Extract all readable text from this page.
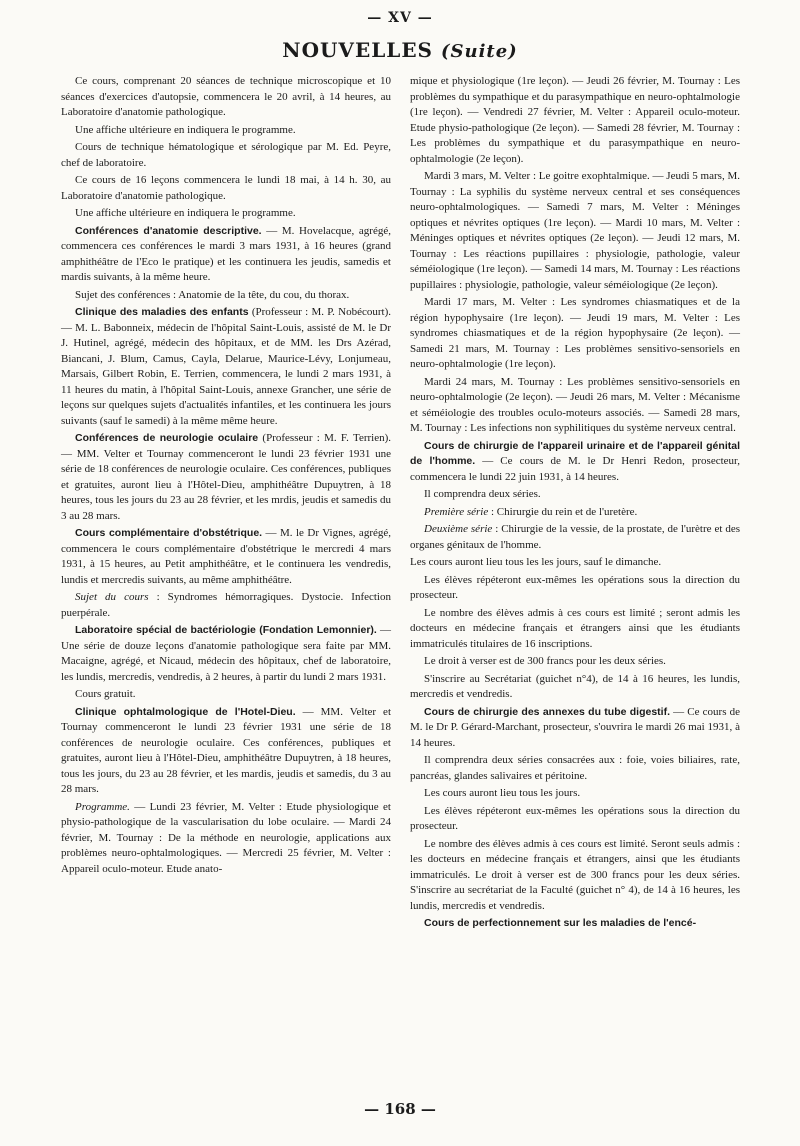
— XV —
NOUVELLES (Suite)

Ce cours, comprenant 20 séances de technique microscopique et 10 séances d'exercices d'autopsie, commencera le 20 avril, à 14 heures, au Laboratoire d'anatomie pathologique.

Une affiche ultérieure en indiquera le programme.

Cours de technique hématologique et sérologique par M. Ed. Peyre, chef de laboratoire.

Ce cours de 16 leçons commencera le lundi 18 mai, à 14 h. 30, au Laboratoire d'anatomie pathologique.

Une affiche ultérieure en indiquera le programme.

Conférences d'anatomie descriptive. — M. Hovelacque, agrégé, commencera ces conférences le mardi 3 mars 1931, à 16 heures (grand amphithéâtre de l'Eco le pratique) et les continuera les jeudis, samedis et mardis suivants, à la même heure.

Sujet des conférences : Anatomie de la tête, du cou, du thorax.

Clinique des maladies des enfants (Professeur : M. P. Nobécourt). — M. L. Babonneix, médecin de l'hôpital Saint-Louis, assisté de M. le Dr J. Hutinel, agrégé, médecin des hôpitaux, et de MM. les Drs Azérad, Biancani, J. Blum, Camus, Cayla, Delarue, Maurice-Lévy, Lonjumeau, Marsais, Gilbert Robin, E. Terrien, commencera, le lundi 2 mars 1931, à 11 heures du matin, à l'hôpital Saint-Louis, annexe Grancher, une série de leçons sur quelques sujets d'actualités infantiles, et les continuera les jours suivants (sauf le samedi) à la même même heure.

Conférences de neurologie oculaire (Professeur : M. F. Terrien). — MM. Velter et Tournay commenceront le lundi 23 février 1931 une série de 18 conférences de neurologie oculaire. Ces conférences, publiques et gratuites, auront lieu à l'Hôtel-Dieu, amphithéâtre Dupuytren, à 18 heures, tous les jours du 23 au 28 février, et les mrdis, jeudis et samedis du 3 au 28 mars.

Cours complémentaire d'obstétrique. — M. le Dr Vignes, agrégé, commencera le cours complémentaire d'obstétrique le mercredi 4 mars 1931, à 15 heures, au Petit amphithéâtre, et le continuera les vendredis, lundis et mercredis suivants, au même amphithéâtre.

Sujet du cours : Syndromes hémorragiques. Dystocie. Infection puerpérale.

Laboratoire spécial de bactériologie (Fondation Lemonnier). — Une série de douze leçons d'anatomie pathologique sera faite par MM. Macaigne, agrégé, et Nicaud, médecin des hôpitaux, chef de laboratoire, les lundis, mercredis, vendredis, à 2 heures, à partir du lundi 2 mars 1931.

Cours gratuit.

Clinique ophtalmologique de l'Hotel-Dieu. — MM. Velter et Tournay commenceront le lundi 23 février 1931 une série de 18 conférences de neurologie oculaire. Ces conférences, publiques et gratuites, auront lieu à l'Hôtel-Dieu, amphithéâtre Dupuytren, à 18 heures, tous les jours, du 23 au 28 février, et les mardis, jeudis et samedis, du 3 au 28 mars.

Programme. — Lundi 23 février, M. Velter : Etude physiologique et physio-pathologique de la vascularisation du lobe oculaire. — Mardi 24 février, M. Tournay : De la méthode en neurologie, applications aux problèmes neuro-ophtalmologiques. — Mercredi 25 février, M. Velter : Appareil oculo-moteur. Etude anato-

mique et physiologique (1re leçon). — Jeudi 26 février, M. Tournay : Les problèmes du sympathique et du parasympathique en neuro-ophtalmologie (1re leçon). — Vendredi 27 février, M. Velter : Appareil oculo-moteur. Etude physio-pathologique (2e leçon). — Samedi 28 février, M. Tournay : Les problèmes du sympathique et du parasympathique en neuro-ophtalmologie (2e leçon).

Mardi 3 mars, M. Velter : Le goitre exophtalmique. — Jeudi 5 mars, M. Tournay : La syphilis du système nerveux central et ses conséquences neuro-ophtalmologiques. — Samedi 7 mars, M. Velter : Méninges optiques et névrites optiques (1re leçon). — Mardi 10 mars, M. Velter : Méninges optiques et névrites optiques (2e leçon). — Jeudi 12 mars, M. Tournay : Les réactions pupillaires : physiologie, pathologie, valeur séméiologique (1re leçon). — Samedi 14 mars, M. Tournay : Les réactions pupillaires : physiologie, pathologie, valeur séméiologique (2e leçon).

Mardi 17 mars, M. Velter : Les syndromes chiasmatiques et de la région hypophysaire (1re leçon). — Jeudi 19 mars, M. Velter : Les syndromes chiasmatiques et de la région hypophysaire (2e leçon). — Samedi 21 mars, M. Tournay : Les problèmes sensitivo-sensoriels en neuro-ophtalmologie (1re leçon).

Mardi 24 mars, M. Tournay : Les problèmes sensitivo-sensoriels en neuro-ophtalmologie (2e leçon). — Jeudi 26 mars, M. Velter : Mécanisme et séméiologie des troubles oculo-moteurs associés. — Samedi 28 mars, M. Tournay : Les infections non syphilitiques du système nerveux central.

Cours de chirurgie de l'appareil urinaire et de l'appareil génital de l'homme. — Ce cours de M. le Dr Henri Redon, prosecteur, commencera le lundi 22 juin 1931, à 14 heures.

Il comprendra deux séries.

Première série : Chirurgie du rein et de l'uretère.

Deuxième série : Chirurgie de la vessie, de la prostate, de l'urètre et des organes génitaux de l'homme.

Les cours auront lieu tous les les jours, sauf le dimanche.

Les élèves répéteront eux-mêmes les opérations sous la direction du prosecteur.

Le nombre des élèves admis à ces cours est limité ; seront admis les docteurs en médecine français et étrangers ainsi que les étudiants immatriculés titulaires de 16 inscriptions.

Le droit à verser est de 300 francs pour les deux séries.

S'inscrire au Secrétariat (guichet n°4), de 14 à 16 heures, les lundis, mercredis et vendredis.

Cours de chirurgie des annexes du tube digestif. — Ce cours de M. le Dr P. Gérard-Marchant, prosecteur, s'ouvrira le mardi 26 mai 1931, à 14 heures.

Il comprendra deux séries consacrées aux : foie, voies biliaires, rate, pancréas, glandes salivaires et péritoine.

Les cours auront lieu tous les jours.

Les élèves répéteront eux-mêmes les opérations sous la direction du prosecteur.

Le nombre des élèves admis à ces cours est limité. Seront seuls admis : les docteurs en médecine français et étrangers, ainsi que les étudiants immatriculés. Le droit à verser est de 300 francs pour les deux séries. S'inscrire au secrétariat de la Faculté (guichet n° 4), de 14 à 16 heures, les lundis, mercredis et vendredis.

Cours de perfectionnement sur les maladies de l'encé-

— 168 —
